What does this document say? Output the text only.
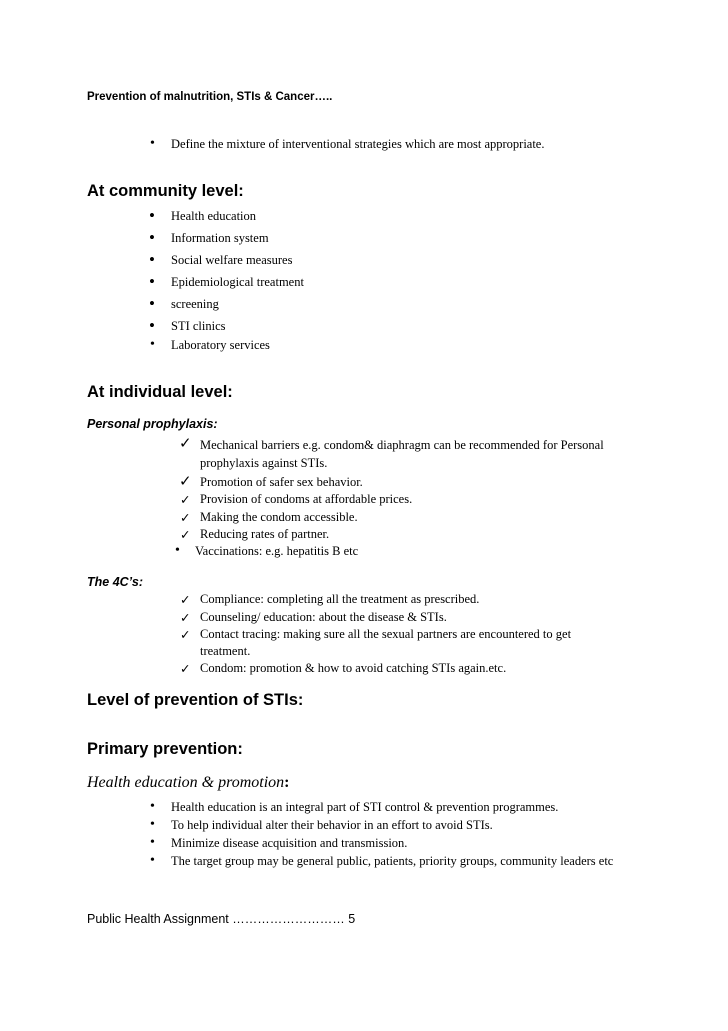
Prevention of malnutrition, STIs & Cancer…..
• Define the mixture of interventional strategies which are most appropriate.
At community level:
• Health education
• Information system
• Social welfare measures
• Epidemiological treatment
• screening
• STI clinics
• Laboratory services
At individual level:
Personal prophylaxis:
✓ Mechanical barriers e.g. condom& diaphragm can be recommended for Personal
prophylaxis against STIs.
✓ Promotion of safer sex behavior.
✓ Provision of condoms at affordable prices.
✓ Making the condom accessible.
✓ Reducing rates of partner.
• Vaccinations: e.g. hepatitis B etc
The 4C’s:
✓ Compliance: completing all the treatment as prescribed.
✓ Counseling/ education: about the disease & STIs.
✓ Contact tracing: making sure all the sexual partners are encountered to get
treatment.
✓ Condom: promotion & how to avoid catching STIs again.etc.
Level of prevention of STIs:
Primary prevention:
Health education & promotion:
• Health education is an integral part of STI control & prevention programmes.
• To help individual alter their behavior in an effort to avoid STIs.
• Minimize disease acquisition and transmission.
• The target group may be general public, patients, priority groups, community leaders etc
Public Health Assignment ……………………… 5
